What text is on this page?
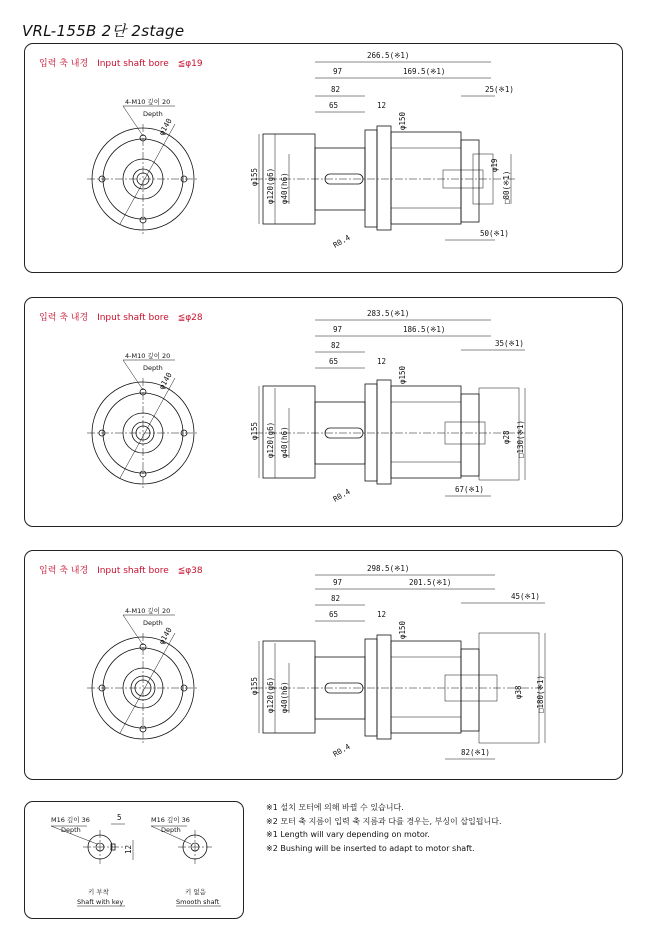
VRL-155B 2단 2stage
입력 축 내경 Input shaft bore ≦φ19
4-M10 깊이 20
Depth
φ140
266.5(※1)
97	169.5(※1)
82
65	12
φ150
φ155 φ120(g6) φ40(h6)
R0.4
25(※1)
φ19
□80(※1)
50(※1)
입력 축 내경 Input shaft bore ≦φ28
4-M10 깊이 20
Depth
φ140
283.5(※1)
97	186.5(※1)
82
65	12
φ150
φ155 φ120(g6) φ40(h6)
R0.4
35(※1)
φ28 □130(※1)
67(※1)
입력 축 내경 Input shaft bore ≦φ38
4-M10 깊이 20
Depth
φ140
298.5(※1)
97	201.5(※1)
82
65	12
φ150
φ155 φ120(g6) φ40(h6)
R0.4
45(※1)
φ38 □180(※1)
82(※1)
M16 깊이 36
Depth
5
12
키 부착
Shaft with key
M16 깊이 36
Depth
키 없음
Smooth shaft
※1 설치 모터에 의해 바뀔 수 있습니다.
※2 모터 축 지름이 입력 축 지름과 다를 경우는, 부싱이 삽입됩니다.
※1 Length will vary depending on motor.
※2 Bushing will be inserted to adapt to motor shaft.
